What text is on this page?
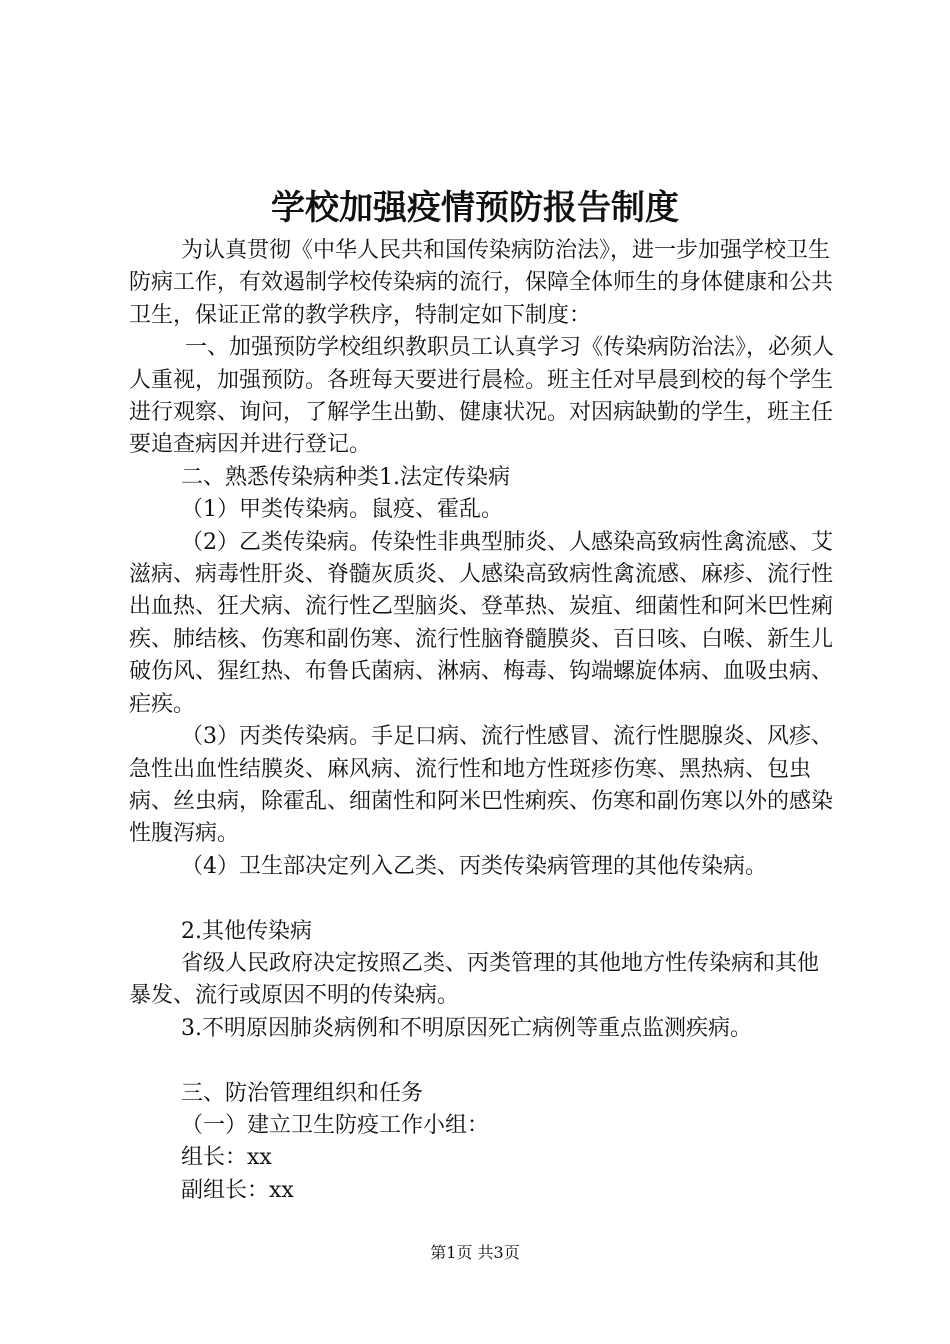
学校加强疫情预防报告制度

为认真贯彻《中华人民共和国传染病防治法》，进一步加强学校卫生防病工作，有效遏制学校传染病的流行，保障全体师生的身体健康和公共卫生，保证正常的教学秩序，特制定如下制度：

一、加强预防学校组织教职员工认真学习《传染病防治法》，必须人人重视，加强预防。各班每天要进行晨检。班主任对早晨到校的每个学生进行观察、询问，了解学生出勤、健康状况。对因病缺勤的学生，班主任要追查病因并进行登记。

二、熟悉传染病种类1.法定传染病

（1）甲类传染病。鼠疫、霍乱。

（2）乙类传染病。传染性非典型肺炎、人感染高致病性禽流感、艾滋病、病毒性肝炎、脊髓灰质炎、人感染高致病性禽流感、麻疹、流行性出血热、狂犬病、流行性乙型脑炎、登革热、炭疽、细菌性和阿米巴性痢疾、肺结核、伤寒和副伤寒、流行性脑脊髓膜炎、百日咳、白喉、新生儿破伤风、猩红热、布鲁氏菌病、淋病、梅毒、钩端螺旋体病、血吸虫病、疟疾。

（3）丙类传染病。手足口病、流行性感冒、流行性腮腺炎、风疹、急性出血性结膜炎、麻风病、流行性和地方性斑疹伤寒、黑热病、包虫病、丝虫病，除霍乱、细菌性和阿米巴性痢疾、伤寒和副伤寒以外的感染性腹泻病。

（4）卫生部决定列入乙类、丙类传染病管理的其他传染病。

2.其他传染病

省级人民政府决定按照乙类、丙类管理的其他地方性传染病和其他暴发、流行或原因不明的传染病。

3.不明原因肺炎病例和不明原因死亡病例等重点监测疾病。

三、防治管理组织和任务

（一）建立卫生防疫工作小组：

组长：xx

副组长：xx

第1页 共3页
